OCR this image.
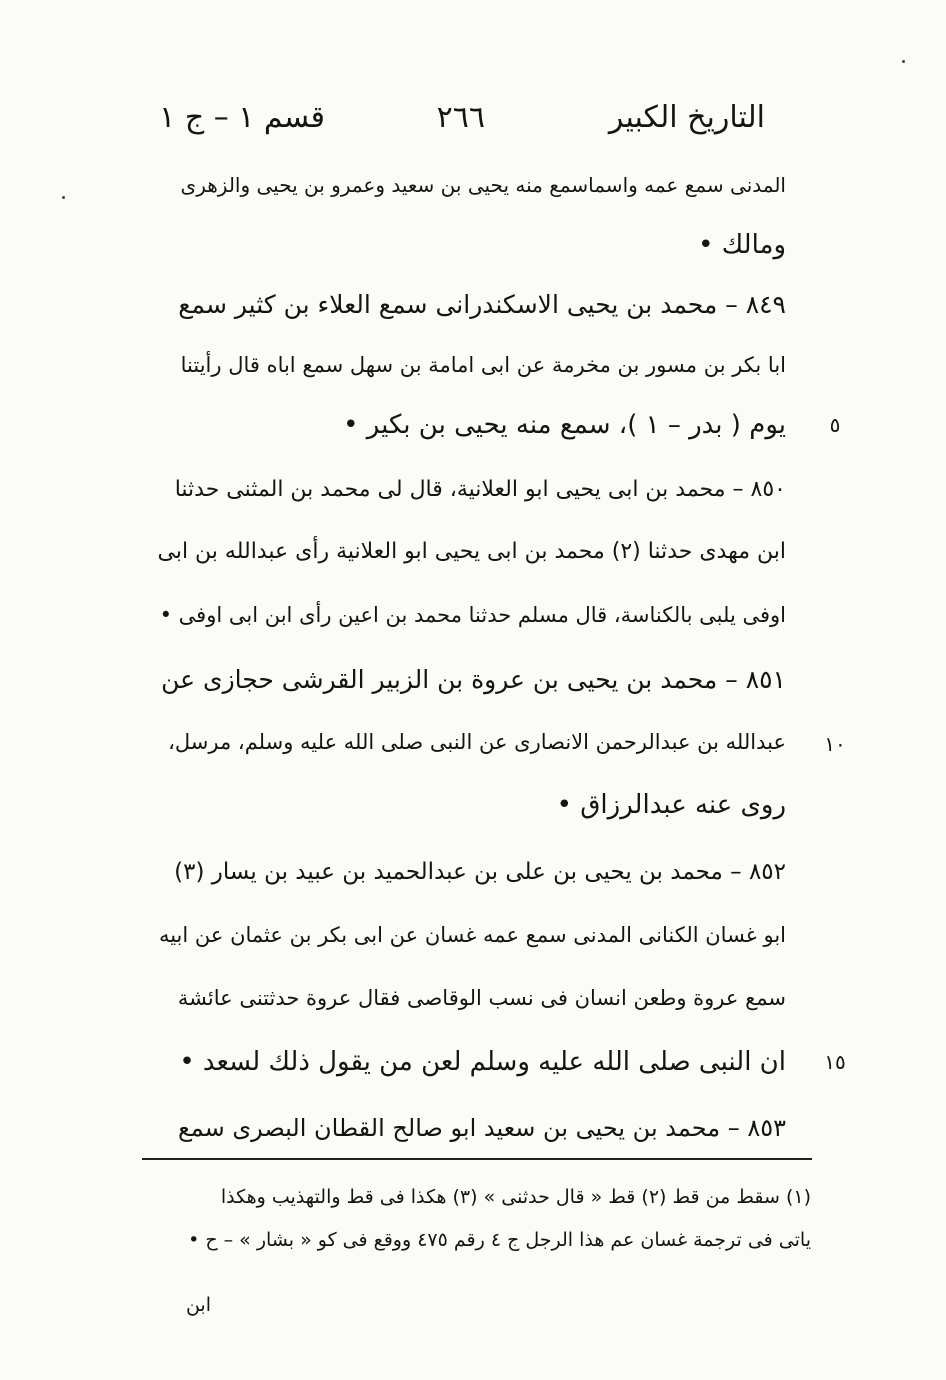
التاريخ الكبير
٢٦٦
قسم ١ – ج ١
المدنى سمع عمه واسماسمع منه يحيى بن سعيد وعمرو بن يحيى والزهرى
ومالك •
٨٤٩ – محمد بن يحيى الاسكندرانى سمع العلاء بن كثير سمع
ابا بكر بن مسور بن مخرمة عن ابى امامة بن سهل سمع اباه قال رأيتنا
يوم ( بدر – ١ )، سمع منه يحيى بن بكير •
٨٥٠ – محمد بن ابى يحيى ابو العلانية، قال لى محمد بن المثنى حدثنا
ابن مهدى حدثنا (٢) محمد بن ابى يحيى ابو العلانية رأى عبدالله بن ابى
اوفى يلبى بالكناسة، قال مسلم حدثنا محمد بن اعين رأى ابن ابى اوفى •
٨٥١ – محمد بن يحيى بن عروة بن الزبير القرشى حجازى عن
عبدالله بن عبدالرحمن الانصارى عن النبى صلى الله عليه وسلم، مرسل،
روى عنه عبدالرزاق •
٨٥٢ – محمد بن يحيى بن على بن عبدالحميد بن عبيد بن يسار (٣)
ابو غسان الكنانى المدنى سمع عمه غسان عن ابى بكر بن عثمان عن ابيه
سمع عروة وطعن انسان فى نسب الوقاصى فقال عروة حدثتنى عائشة
ان النبى صلى الله عليه وسلم لعن من يقول ذلك لسعد •
٨٥٣ – محمد بن يحيى بن سعيد ابو صالح القطان البصرى سمع
٥
١٠
١٥
(١) سقط من قط (٢) قط « قال حدثنى » (٣) هكذا فى قط والتهذيب وهكذا
ياتى فى ترجمة غسان عم هذا الرجل ج ٤ رقم ٤٧٥ ووقع فى كو « بشار » – ح •
ابن
